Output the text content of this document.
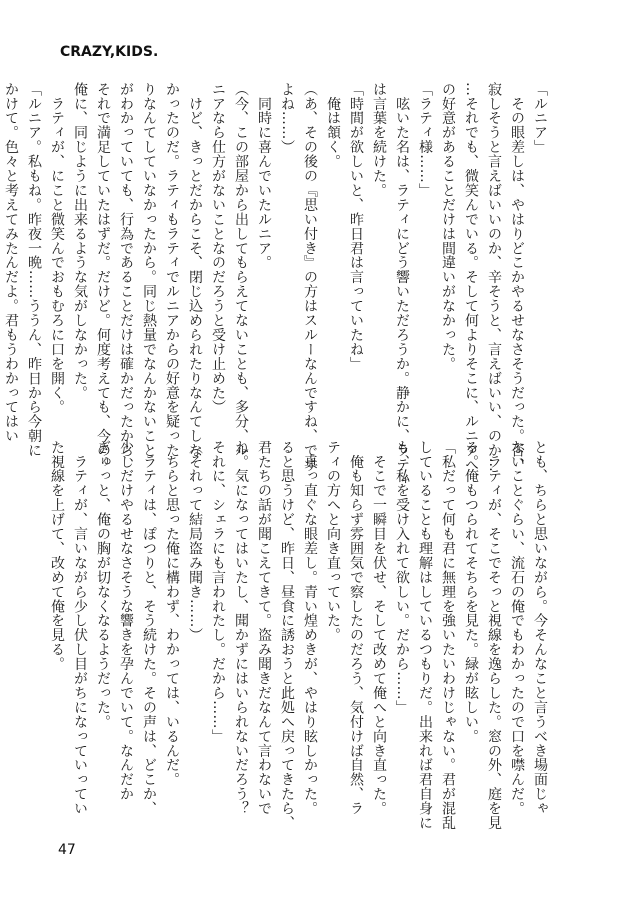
CRAZY,KIDS.
「ルニア」
　その眼差しは、やはりどこかやるせなさそうだった。否、
寂しそうと言えばいいのか、辛そうと、言えばいい、のか…
…それでも、微笑んでいる。そして何よりそこに、ルニアへ
の好意があることだけは間違いがなかった。
「ラティ様……」
　呟いた名は、ラティにどう響いただろうか。静かに、ラティ
は言葉を続けた。
「時間が欲しいと、昨日君は言っていたね」
　俺は頷く。
（あ、その後の『思い付き』の方はスルーなんですね、です
よね……）
　同時に喜んでいたルニア。
（今、この部屋から出してもらえてないことも、多分、ル
ニアなら仕方がないことなのだろうと受け止めた）
　けど、きっとだからこそ、閉じ込められたりなんてしな
かったのだ。ラティもラティでルニアからの好意を疑った
りなんてしていなかったから。同じ熱量でなんかないこと
がわかっていても、行為であることだけは確かだったから、
それで満足していたはずだ。だけど。何度考えても、今の
俺に、同じように出来るような気がしなかった。
　ラティが、にこと微笑んでおもむろに口を開く。
「ルニア。私もね。昨夜一晩……ううん、昨日から今朝に
かけて。色々と考えてみたんだよ。君もうわかってはい
とも、ちらと思いながら。今そんなこと言うべき場面じゃ
ないことぐらい、流石の俺でもわかったので口を噤んだ。
　ラティが、そこでそっと視線を逸らした。窓の外、庭を見
る。俺もつられてそちらを見た。緑が眩しい。
「私だって何も君に無理を強いたいわけじゃない。君が混乱
していることも理解はしているつもりだ。出来れば君自身に
も、私を受け入れて欲しい。だから……」
　そこで一瞬目を伏せ、そして改めて俺へと向き直った。
　俺も知らず雰囲気で察したのだろう、気付けば自然、ラ
ティの方へと向き直っていた。
　真っ直ぐな眼差し。青い煌めきが、やはり眩しかった。
ると思うけど、昨日、昼食に誘おうと此処へ戻ってきたら、
君たちの話が聞こえてきて。盗み聞きだなんて言わないで
ね。気になってはいたし、聞かずにはいられないだろう？
それに、シェラにも言われたし。だから……」
（それって結局盗み聞き……）
　ちらと思った俺に構わず、わかっては、いるんだ。
　ラティは、ぽつりと、そう続けた。その声は、どこか、
少しだけやるせなさそうな響きを孕んでいて。なんだか
ぎゅっと、俺の胸が切なくなるようだった。
　ラティが、言いながら少し伏し目がちになっていってい
た視線を上げて、改めて俺を見る。
47
